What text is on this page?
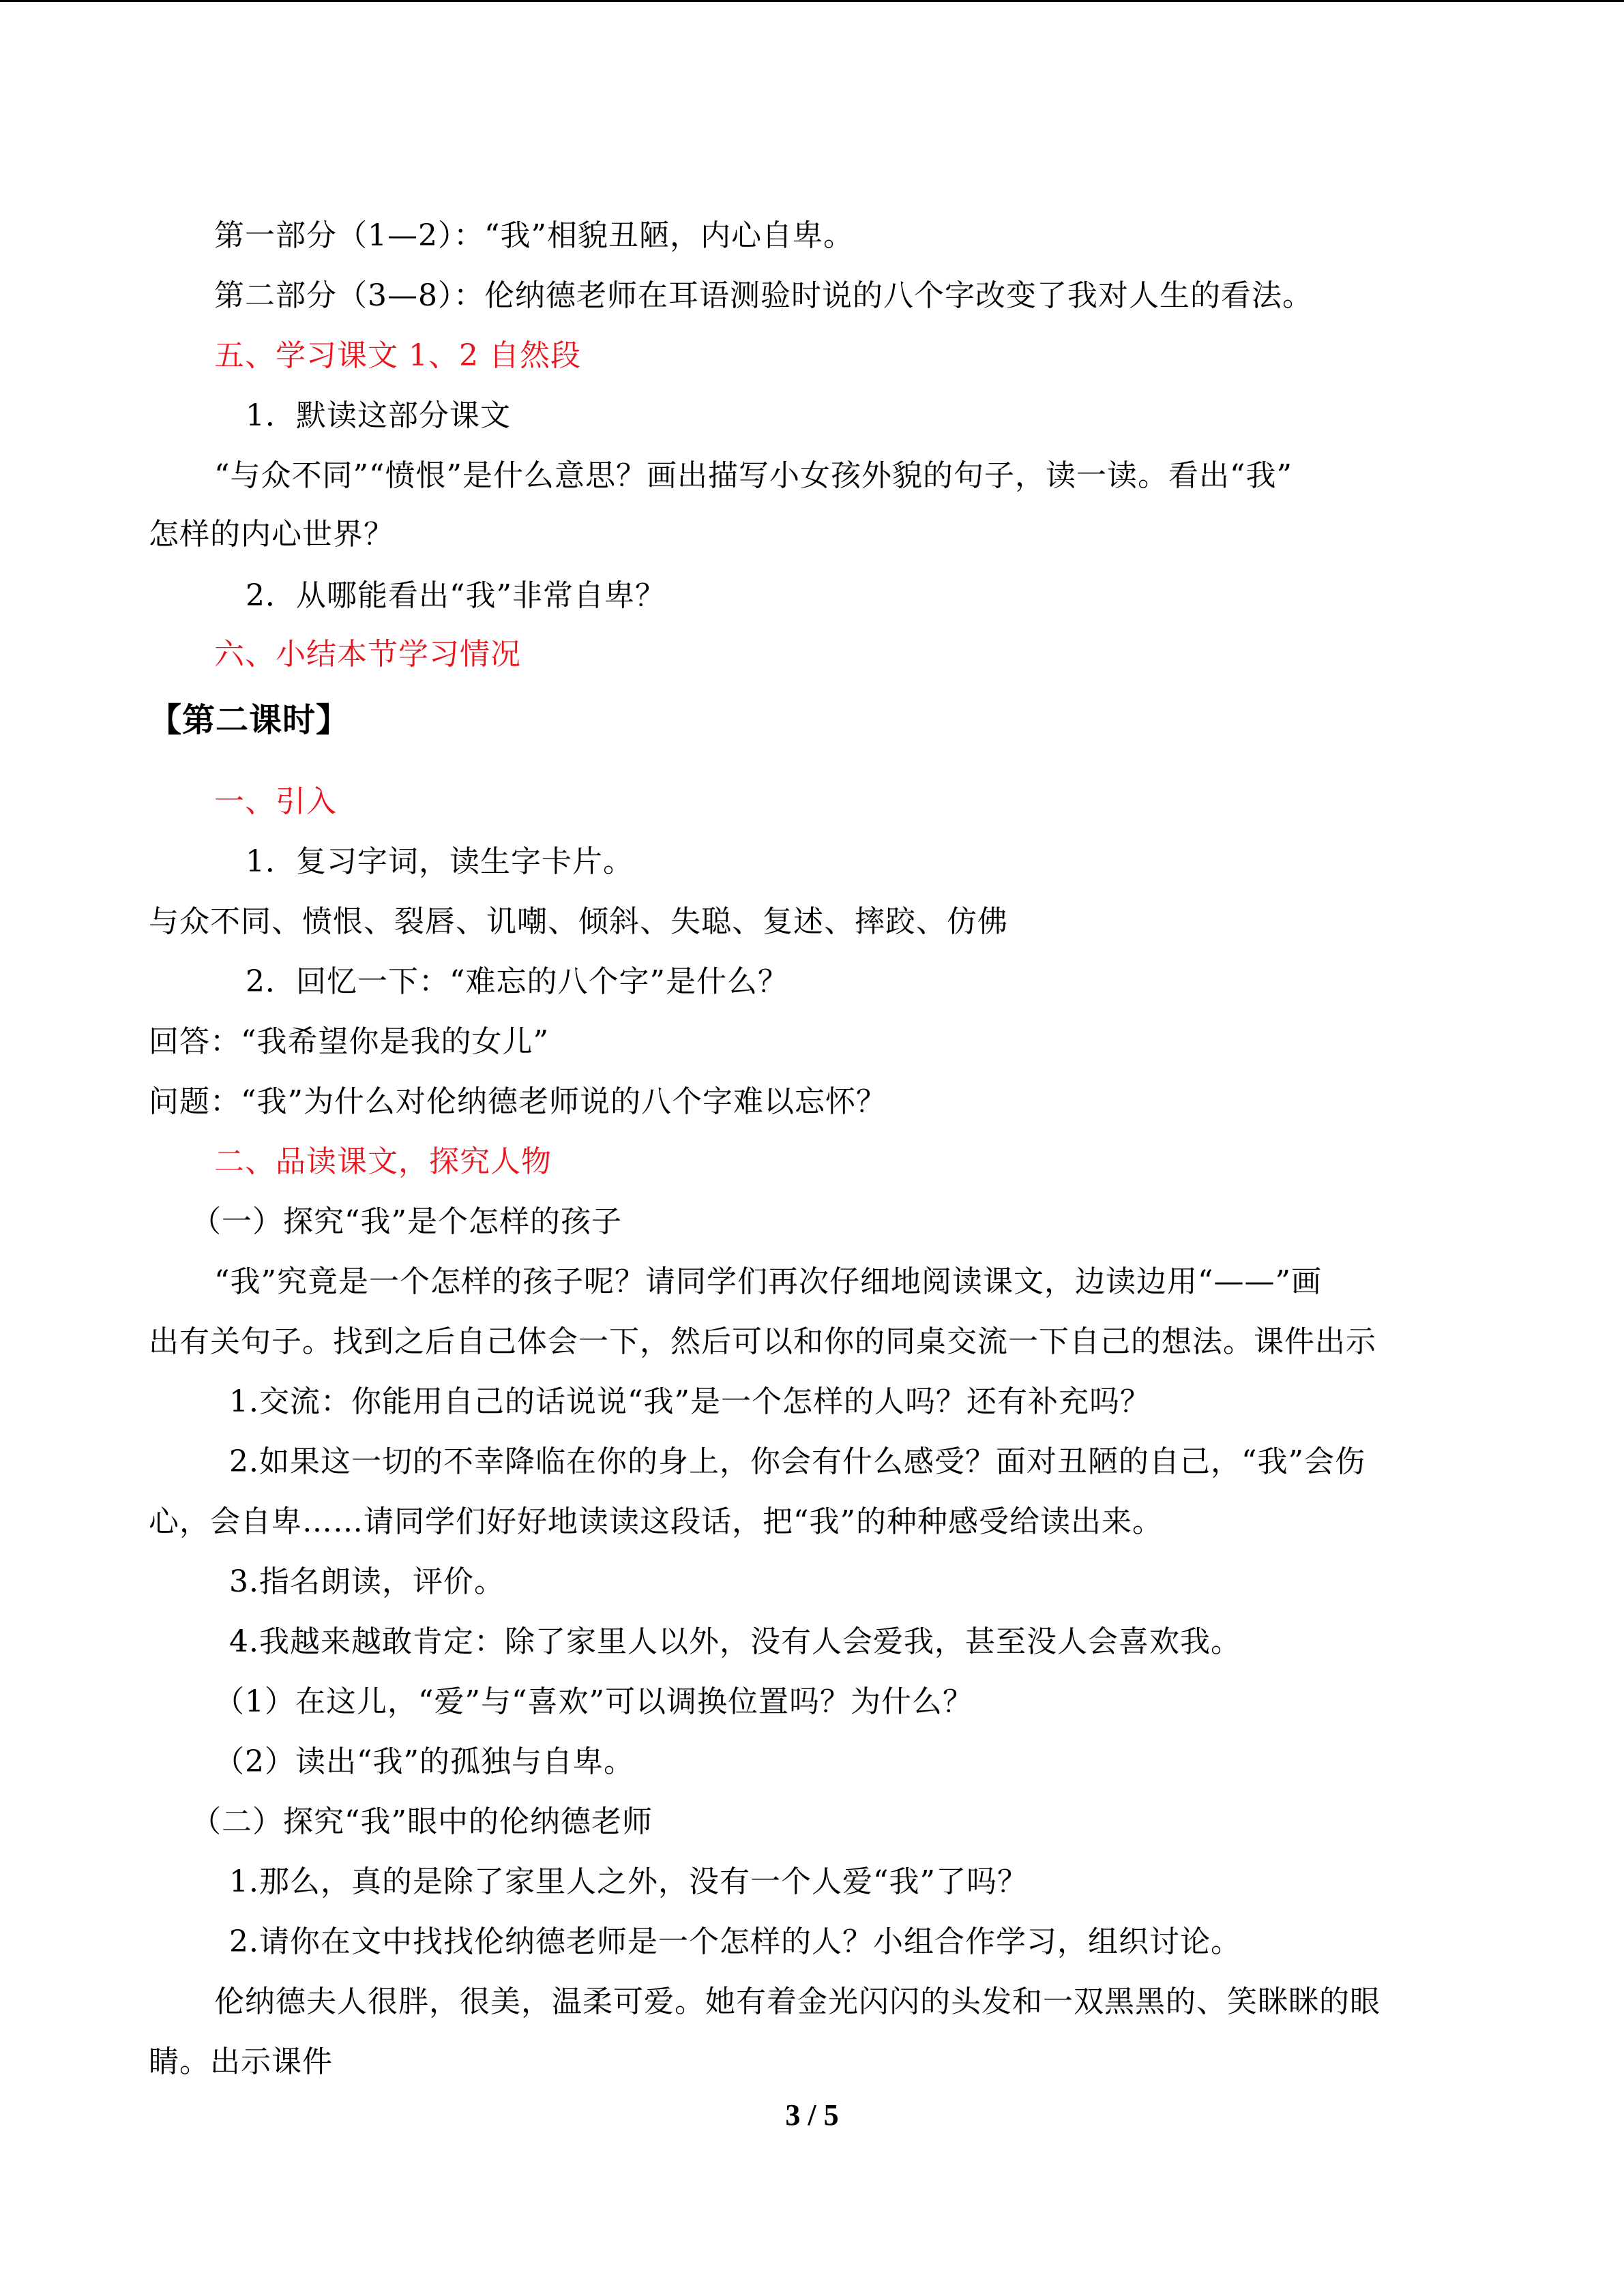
第一部分（1—2）：“我”相貌丑陋，内心自卑。
第二部分（3—8）：伦纳德老师在耳语测验时说的八个字改变了我对人生的看法。
五、学习课文 1、2 自然段
1．默读这部分课文
“与众不同”“愤恨”是什么意思？画出描写小女孩外貌的句子，读一读。看出“我”
怎样的内心世界？
2．从哪能看出“我”非常自卑？
六、小结本节学习情况
【第二课时】
一、引入
1．复习字词，读生字卡片。
与众不同、愤恨、裂唇、讥嘲、倾斜、失聪、复述、摔跤、仿佛
2．回忆一下：“难忘的八个字”是什么？
回答：“我希望你是我的女儿”
问题：“我”为什么对伦纳德老师说的八个字难以忘怀？
二、品读课文，探究人物
（一）探究“我”是个怎样的孩子
“我”究竟是一个怎样的孩子呢？请同学们再次仔细地阅读课文，边读边用“——”画
出有关句子。找到之后自己体会一下，然后可以和你的同桌交流一下自己的想法。课件出示
1.交流：你能用自己的话说说“我”是一个怎样的人吗？还有补充吗？
2.如果这一切的不幸降临在你的身上，你会有什么感受？面对丑陋的自己，“我”会伤
心，会自卑……请同学们好好地读读这段话，把“我”的种种感受给读出来。
3.指名朗读，评价。
4.我越来越敢肯定：除了家里人以外，没有人会爱我，甚至没人会喜欢我。
（1）在这儿，“爱”与“喜欢”可以调换位置吗？为什么？
（2）读出“我”的孤独与自卑。
（二）探究“我”眼中的伦纳德老师
1.那么，真的是除了家里人之外，没有一个人爱“我”了吗？
2.请你在文中找找伦纳德老师是一个怎样的人？小组合作学习，组织讨论。
伦纳德夫人很胖，很美，温柔可爱。她有着金光闪闪的头发和一双黑黑的、笑眯眯的眼
睛。出示课件
3 / 5
